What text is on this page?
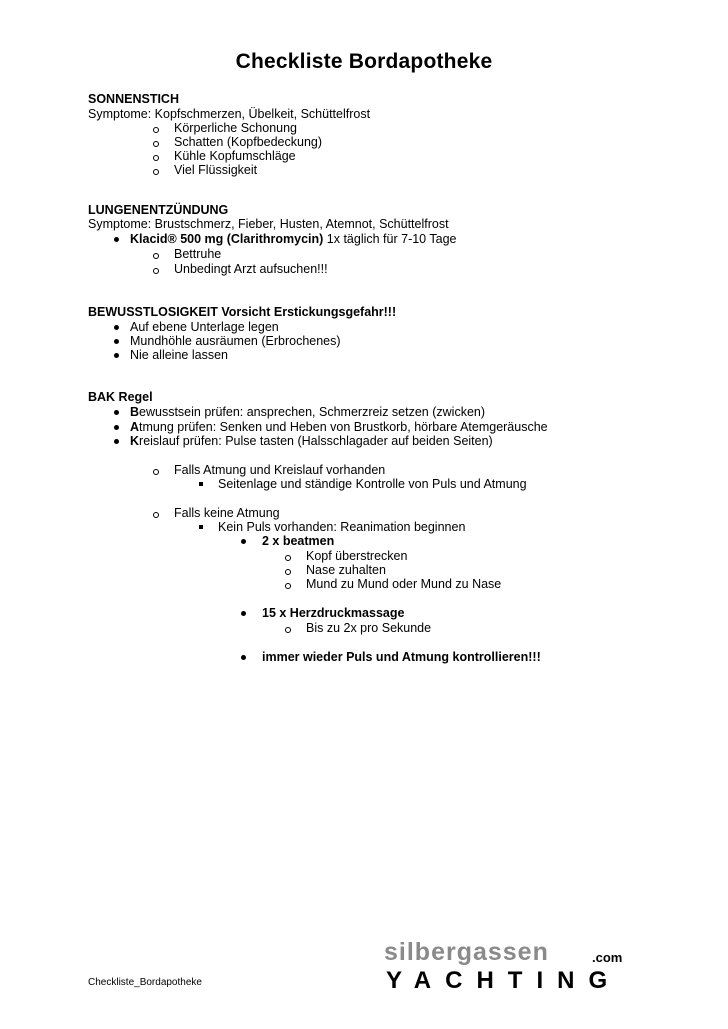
Checkliste Bordapotheke
SONNENSTICH
Symptome: Kopfschmerzen, Übelkeit, Schüttelfrost
Körperliche Schonung
Schatten (Kopfbedeckung)
Kühle Kopfumschläge
Viel Flüssigkeit
LUNGENENTZÜNDUNG
Symptome: Brustschmerz, Fieber, Husten, Atemnot, Schüttelfrost
Klacid® 500 mg (Clarithromycin) 1x täglich für 7-10 Tage
Bettruhe
Unbedingt Arzt aufsuchen!!!
BEWUSSTLOSIGKEIT Vorsicht Erstickungsgefahr!!!
Auf ebene Unterlage legen
Mundhöhle ausräumen (Erbrochenes)
Nie alleine lassen
BAK Regel
Bewusstsein prüfen: ansprechen, Schmerzreiz setzen (zwicken)
Atmung prüfen: Senken und Heben von Brustkorb, hörbare Atemgeräusche
Kreislauf prüfen: Pulse tasten (Halsschlagader auf beiden Seiten)
Falls Atmung und Kreislauf vorhanden
Seitenlage und ständige Kontrolle von Puls und Atmung
Falls keine Atmung
Kein Puls vorhanden: Reanimation beginnen
2 x beatmen
Kopf überstrecken
Nase zuhalten
Mund zu Mund oder Mund zu Nase
15 x Herzdruckmassage
Bis zu 2x pro Sekunde
immer wieder Puls und Atmung kontrollieren!!!
silbergassen	.com
YACHTING
Checkliste_Bordapotheke
